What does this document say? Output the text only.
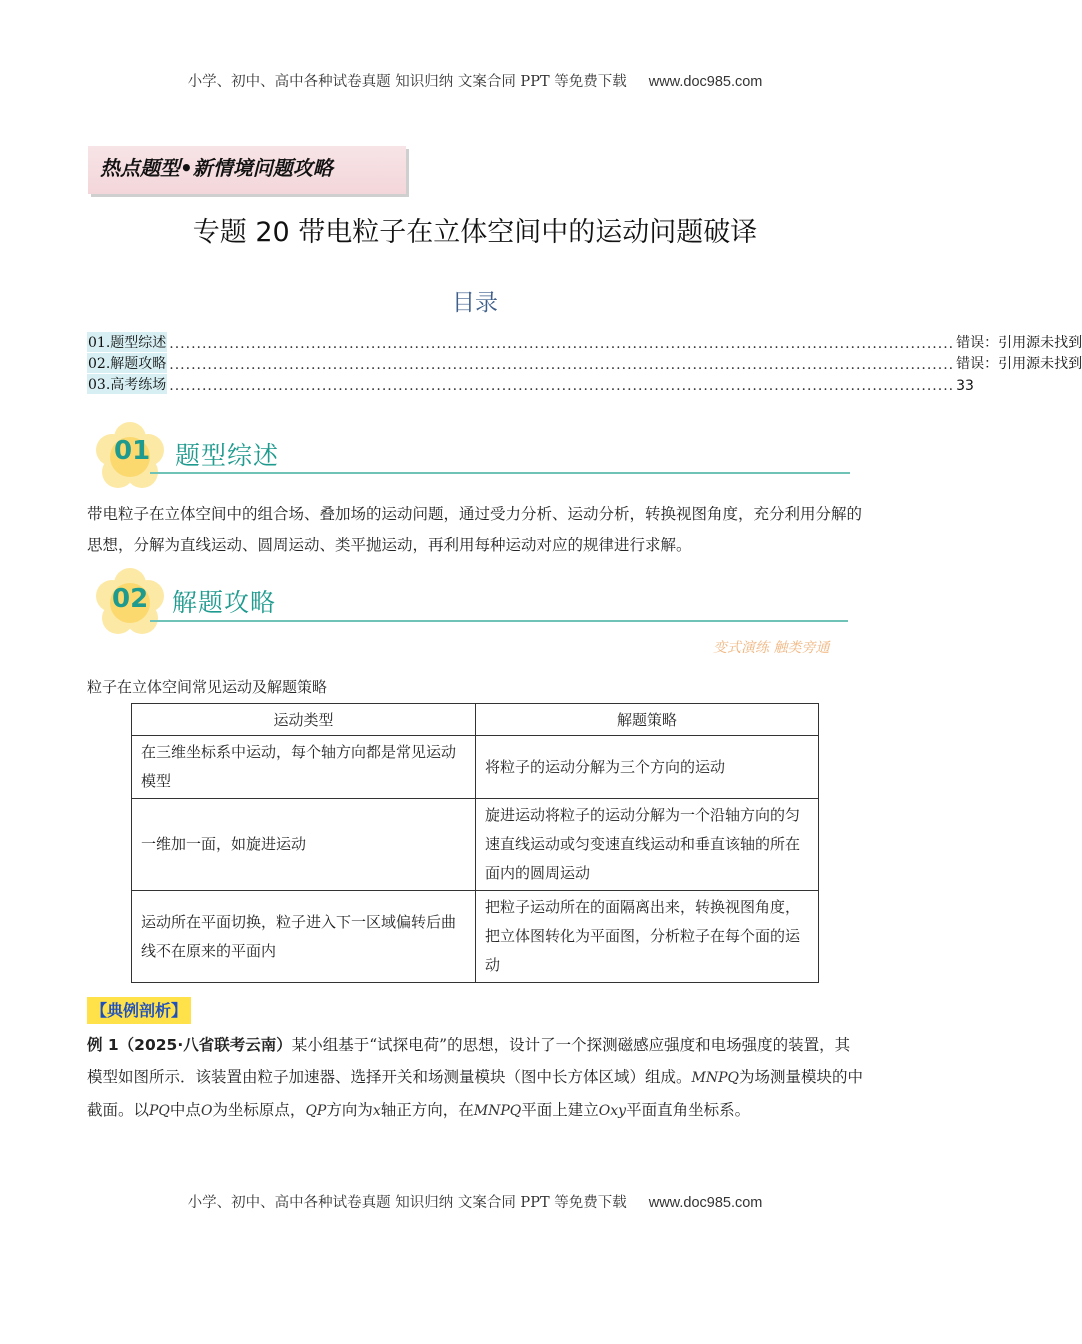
小学、初中、高中各种试卷真题 知识归纳 文案合同 PPT 等免费下载 www.doc985.com
热点题型•新情境问题攻略
专题 20 带电粒子在立体空间中的运动问题破译
目录
01.题型综述 ................................................................................................................................................ 错误：引用源未找到
02.解题攻略 ................................................................................................................................................ 错误：引用源未找到
03.高考练场 ................................................................................................................................................ 33
01 题型综述
带电粒子在立体空间中的组合场、叠加场的运动问题，通过受力分析、运动分析，转换视图角度，充分利用分解的思想，分解为直线运动、圆周运动、类平抛运动，再利用每种运动对应的规律进行求解。
02 解题攻略
变式演练 触类旁通
粒子在立体空间常见运动及解题策略
运动类型	解题策略
在三维坐标系中运动，每个轴方向都是常见运动模型	将粒子的运动分解为三个方向的运动
一维加一面，如旋进运动	旋进运动将粒子的运动分解为一个沿轴方向的匀速直线运动或匀变速直线运动和垂直该轴的所在面内的圆周运动
运动所在平面切换，粒子进入下一区域偏转后曲线不在原来的平面内	把粒子运动所在的面隔离出来，转换视图角度，把立体图转化为平面图，分析粒子在每个面的运动
【典例剖析】
例 1（2025·八省联考云南）某小组基于“试探电荷”的思想，设计了一个探测磁感应强度和电场强度的装置，其模型如图所示．该装置由粒子加速器、选择开关和场测量模块（图中长方体区域）组成。MNPQ为场测量模块的中截面。以PQ中点O为坐标原点，QP方向为x轴正方向，在MNPQ平面上建立Oxy平面直角坐标系。
小学、初中、高中各种试卷真题 知识归纳 文案合同 PPT 等免费下载 www.doc985.com
